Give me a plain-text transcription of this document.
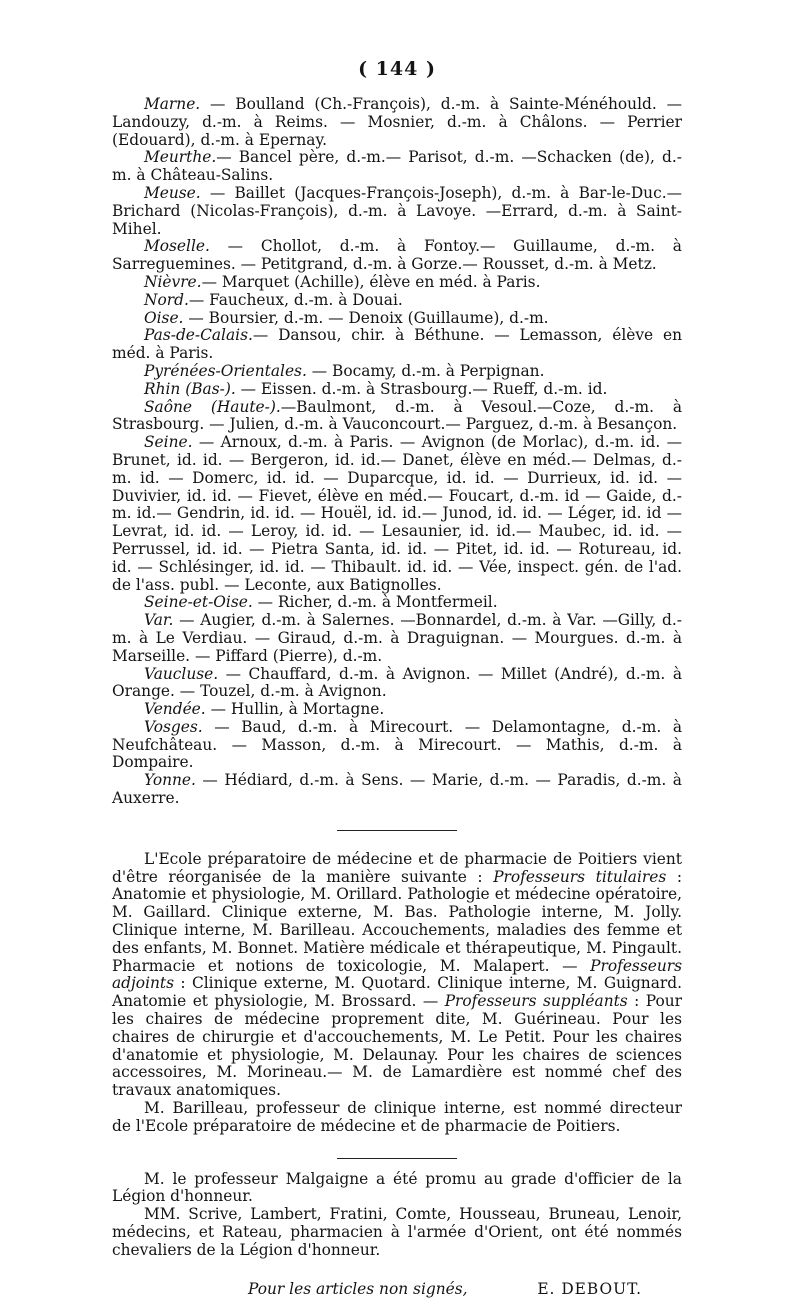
( 144 )

Marne. — Boulland (Ch.-François), d.-m. à Sainte-Ménéhould. — Landouzy, d.-m. à Reims. — Mosnier, d.-m. à Châlons. — Perrier (Edouard), d.-m. à Epernay.

Meurthe.— Bancel père, d.-m.— Parisot, d.-m. —Schacken (de), d.-m. à Château-Salins.

Meuse. — Baillet (Jacques-François-Joseph), d.-m. à Bar-le-Duc.— Brichard (Nicolas-François), d.-m. à Lavoye. —Errard, d.-m. à Saint-Mihel.

Moselle. — Chollot, d.-m. à Fontoy.— Guillaume, d.-m. à Sarreguemines. — Petitgrand, d.-m. à Gorze.— Rousset, d.-m. à Metz.

Nièvre.— Marquet (Achille), élève en méd. à Paris.

Nord.— Faucheux, d.-m. à Douai.

Oise. — Boursier, d.-m. — Denoix (Guillaume), d.-m.

Pas-de-Calais.— Dansou, chir. à Béthune. — Lemasson, élève en méd. à Paris.

Pyrénées-Orientales. — Bocamy, d.-m. à Perpignan.

Rhin (Bas-). — Eissen. d.-m. à Strasbourg.— Rueff, d.-m. id.

Saône (Haute-).—Baulmont, d.-m. à Vesoul.—Coze, d.-m. à Strasbourg. — Julien, d.-m. à Vauconcourt.— Parguez, d.-m. à Besançon.

Seine. — Arnoux, d.-m. à Paris. — Avignon (de Morlac), d.-m. id. — Brunet, id. id. — Bergeron, id. id.— Danet, élève en méd.— Delmas, d.-m. id. — Domerc, id. id. — Duparcque, id. id. — Durrieux, id. id. — Duvivier, id. id. — Fievet, élève en méd.— Foucart, d.-m. id — Gaide, d.-m. id.— Gendrin, id. id. — Houël, id. id.— Junod, id. id. — Léger, id. id — Levrat, id. id. — Leroy, id. id. — Lesaunier, id. id.— Maubec, id. id. — Perrussel, id. id. — Pietra Santa, id. id. — Pitet, id. id. — Rotureau, id. id. — Schlésinger, id. id. — Thibault. id. id. — Vée, inspect. gén. de l'ad. de l'ass. publ. — Leconte, aux Batignolles.

Seine-et-Oise. — Richer, d.-m. à Montfermeil.

Var. — Augier, d.-m. à Salernes. —Bonnardel, d.-m. à Var. —Gilly, d.-m. à Le Verdiau. — Giraud, d.-m. à Draguignan. — Mourgues. d.-m. à Marseille. — Piffard (Pierre), d.-m.

Vaucluse. — Chauffard, d.-m. à Avignon. — Millet (André), d.-m. à Orange. — Touzel, d.-m. à Avignon.

Vendée. — Hullin, à Mortagne.

Vosges. — Baud, d.-m. à Mirecourt. — Delamontagne, d.-m. à Neufchâteau. — Masson, d.-m. à Mirecourt. — Mathis, d.-m. à Dompaire.

Yonne. — Hédiard, d.-m. à Sens. — Marie, d.-m. — Paradis, d.-m. à Auxerre.

L'Ecole préparatoire de médecine et de pharmacie de Poitiers vient d'être réorganisée de la manière suivante : Professeurs titulaires : Anatomie et physiologie, M. Orillard. Pathologie et médecine opératoire, M. Gaillard. Clinique externe, M. Bas. Pathologie interne, M. Jolly. Clinique interne, M. Barilleau. Accouchements, maladies des femme et des enfants, M. Bonnet. Matière médicale et thérapeutique, M. Pingault. Pharmacie et notions de toxicologie, M. Malapert. — Professeurs adjoints : Clinique externe, M. Quotard. Clinique interne, M. Guignard. Anatomie et physiologie, M. Brossard. — Professeurs suppléants : Pour les chaires de médecine proprement dite, M. Guérineau. Pour les chaires de chirurgie et d'accouchements, M. Le Petit. Pour les chaires d'anatomie et physiologie, M. Delaunay. Pour les chaires de sciences accessoires, M. Morineau.— M. de Lamardière est nommé chef des travaux anatomiques.

M. Barilleau, professeur de clinique interne, est nommé directeur de l'Ecole préparatoire de médecine et de pharmacie de Poitiers.

M. le professeur Malgaigne a été promu au grade d'officier de la Légion d'honneur.

MM. Scrive, Lambert, Fratini, Comte, Housseau, Bruneau, Lenoir, médecins, et Rateau, pharmacien à l'armée d'Orient, ont été nommés chevaliers de la Légion d'honneur.

Pour les articles non signés,	E. DEBOUT.
